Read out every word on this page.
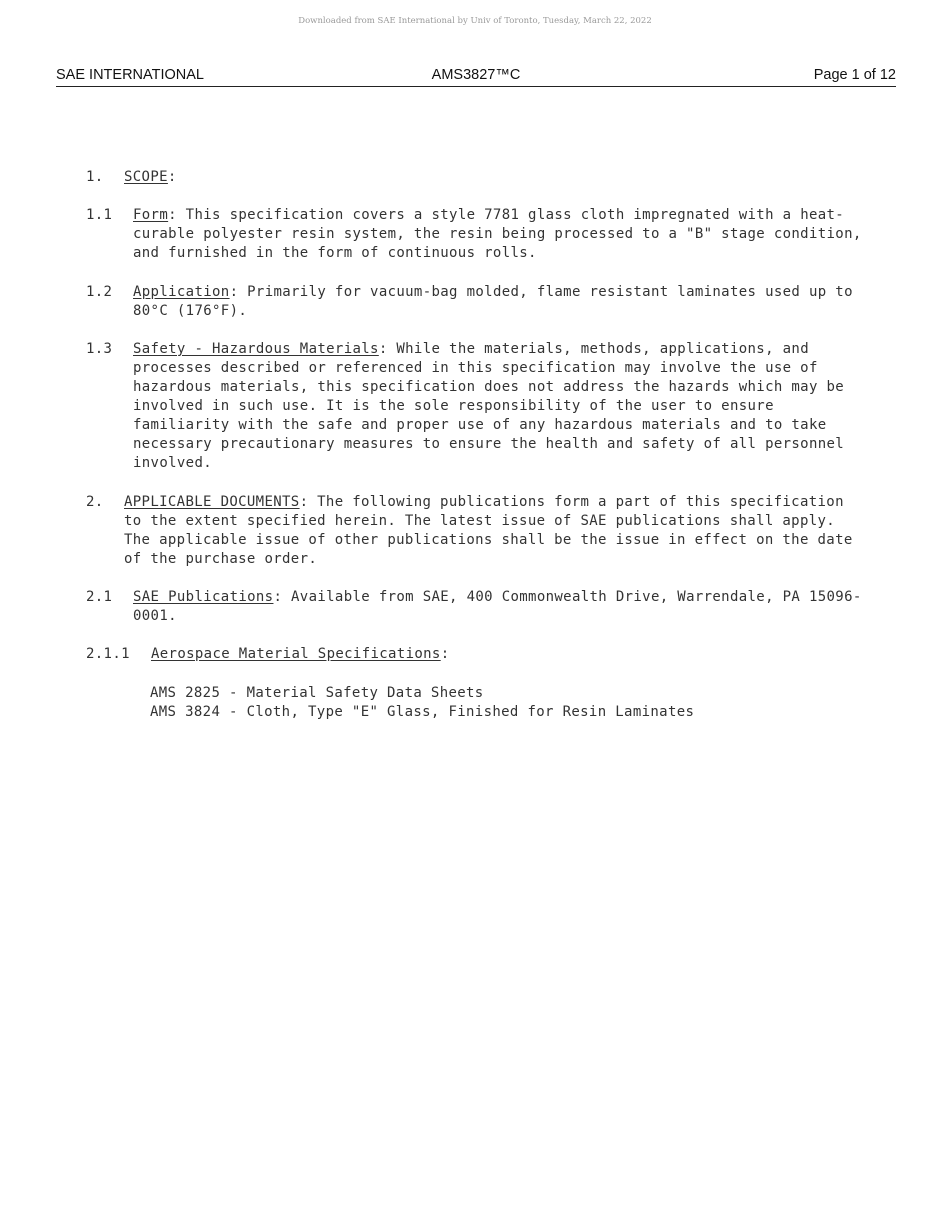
Downloaded from SAE International by Univ of Toronto, Tuesday, March 22, 2022
SAE INTERNATIONAL	AMS3827™C	Page 1 of 12
1.	SCOPE:
1.1	Form: This specification covers a style 7781 glass cloth impregnated with a heat-curable polyester resin system, the resin being processed to a "B" stage condition, and furnished in the form of continuous rolls.
1.2	Application: Primarily for vacuum-bag molded, flame resistant laminates used up to 80°C (176°F).
1.3	Safety - Hazardous Materials: While the materials, methods, applications, and processes described or referenced in this specification may involve the use of hazardous materials, this specification does not address the hazards which may be involved in such use. It is the sole responsibility of the user to ensure familiarity with the safe and proper use of any hazardous materials and to take necessary precautionary measures to ensure the health and safety of all personnel involved.
2.	APPLICABLE DOCUMENTS: The following publications form a part of this specification to the extent specified herein. The latest issue of SAE publications shall apply. The applicable issue of other publications shall be the issue in effect on the date of the purchase order.
2.1	SAE Publications: Available from SAE, 400 Commonwealth Drive, Warrendale, PA 15096-0001.
2.1.1	Aerospace Material Specifications:
AMS 2825 - Material Safety Data Sheets
AMS 3824 - Cloth, Type "E" Glass, Finished for Resin Laminates
